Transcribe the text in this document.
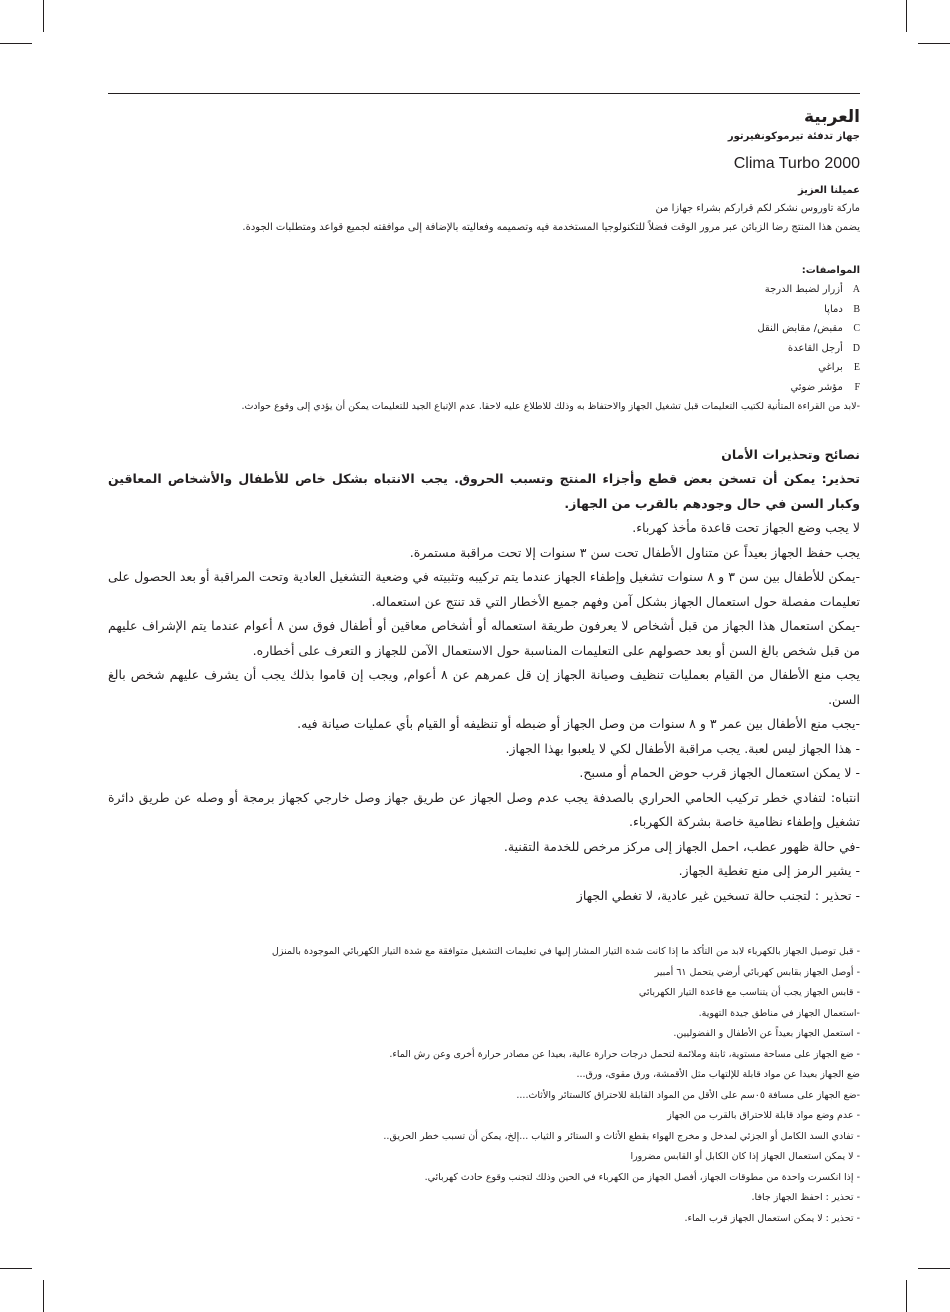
العربية
جهاز تدفئة تيرموكونفيرتور
Clima Turbo 2000
عميلنا العزيز
ماركة تاوروس نشكر لكم قراركم بشراء جهازا من
يضمن هذا المنتج رضا الزبائن عبر مرور الوقت فضلاً للتكنولوجيا المستخدمة فيه وتصميمه وفعاليته بالإضافة إلى موافقته لجميع قواعد ومتطلبات الجودة.
المواصفات:
A أزرار لضبط الدرجة
B دماپا
C مقبض/ مقابض النقل
D أرجل القاعدة
E براغي
F مؤشر ضوئي
-لابد من القراءة المتأنية لكتيب التعليمات قبل تشغيل الجهاز والاحتفاظ به وذلك للاطلاع عليه لاحقا. عدم الإتباع الجيد للتعليمات يمكن أن يؤدي إلى وقوع حوادث.
نصائح وتحذيرات الأمان
تحذير: يمكن أن تسخن بعض قطع وأجزاء المنتج وتسبب الحروق. يجب الانتباه بشكل خاص للأطفال والأشخاص المعاقين وكبار السن في حال وجودهم بالقرب من الجهاز.
لا يجب وضع الجهاز تحت قاعدة مأخذ كهرباء.
يجب حفظ الجهاز بعيداً عن متناول الأطفال تحت سن ٣ سنوات إلا تحت مراقبة مستمرة.
-يمكن للأطفال بين سن ٣ و ٨ سنوات تشغيل وإطفاء الجهاز عندما يتم تركيبه وتثبيته في وضعية التشغيل العادية وتحت المراقبة أو بعد الحصول على تعليمات مفصلة حول استعمال الجهاز بشكل آمن وفهم جميع الأخطار التي قد تنتج عن استعماله.
-يمكن استعمال هذا الجهاز من قبل أشخاص لا يعرفون طريقة استعماله أو أشخاص معاقين أو أطفال فوق سن ٨ أعوام عندما يتم الإشراف عليهم من قبل شخص بالغ السن أو بعد حصولهم على التعليمات المناسبة حول الاستعمال الآمن للجهاز و التعرف على أخطاره.
يجب منع الأطفال من القيام بعمليات تنظيف وصيانة الجهاز إن قل عمرهم عن ٨ أعوام, ويجب إن قاموا بذلك يجب أن يشرف عليهم شخص بالغ السن.
-يجب منع الأطفال بين عمر ٣ و ٨ سنوات من وصل الجهاز أو ضبطه أو تنظيفه أو القيام بأي عمليات صيانة فيه.
- هذا الجهاز ليس لعبة. يجب مراقبة الأطفال لكي لا يلعبوا بهذا الجهاز.
- لا يمكن استعمال الجهاز قرب حوض الحمام أو مسبح.
انتباه: لتفادي خطر تركيب الحامي الحراري بالصدفة يجب عدم وصل الجهاز عن طريق جهاز وصل خارجي كجهاز برمجة أو وصله عن طريق دائرة تشغيل وإطفاء نظامية خاصة بشركة الكهرباء.
-في حالة ظهور عطب، احمل الجهاز إلى مركز مرخص للخدمة التقنية.
- يشير الرمز إلى منع تغطية الجهاز.
- تحذير : لتجنب حالة تسخين غير عادية، لا تغطي الجهاز
- قبل توصيل الجهاز بالكهرباء لابد من التأكد ما إذا كانت شدة التيار المشار إليها في تعليمات التشغيل متوافقة مع شدة التيار الكهربائي الموجودة بالمنزل
- أوصل الجهاز بقابس كهربائي أرضي يتحمل ٦١ أمبير
- قابس الجهاز يجب أن يتناسب مع قاعدة التيار الكهربائي
-استعمال الجهاز في مناطق جيدة التهوية.
- استعمل الجهاز بعيداً عن الأطفال و الفضوليين.
- ضع الجهاز على مساحة مستوية، ثابتة وملائمة لتحمل درجات حرارة عالية، بعيدا عن مصادر حرارة أخرى وعن رش الماء.
ضع الجهاز بعيدا عن مواد قابلة للإلتهاب مثل الأقمشة، ورق مقوى، ورق...
-ضع الجهاز على مسافة ٠٥سم على الأقل من المواد القابلة للاحتراق كالستائر والأثاث....
- عدم وضع مواد قابلة للاحتراق بالقرب من الجهاز
- تفادي السد الكامل أو الجزئي لمدخل و مخرج الهواء بقطع الأثاث و الستائر و الثياب ...إلخ، يمكن أن تسبب خطر الحريق..
- لا يمكن استعمال الجهاز إذا كان الكابل أو القابس مضرورا
- إذا انكسرت واحدة من مطوقات الجهاز، أفصل الجهاز من الكهرباء في الحين وذلك لتجنب وقوع حادث كهربائي.
- تحذير : احفظ الجهاز جافا.
- تحذير : لا يمكن استعمال الجهاز قرب الماء.
